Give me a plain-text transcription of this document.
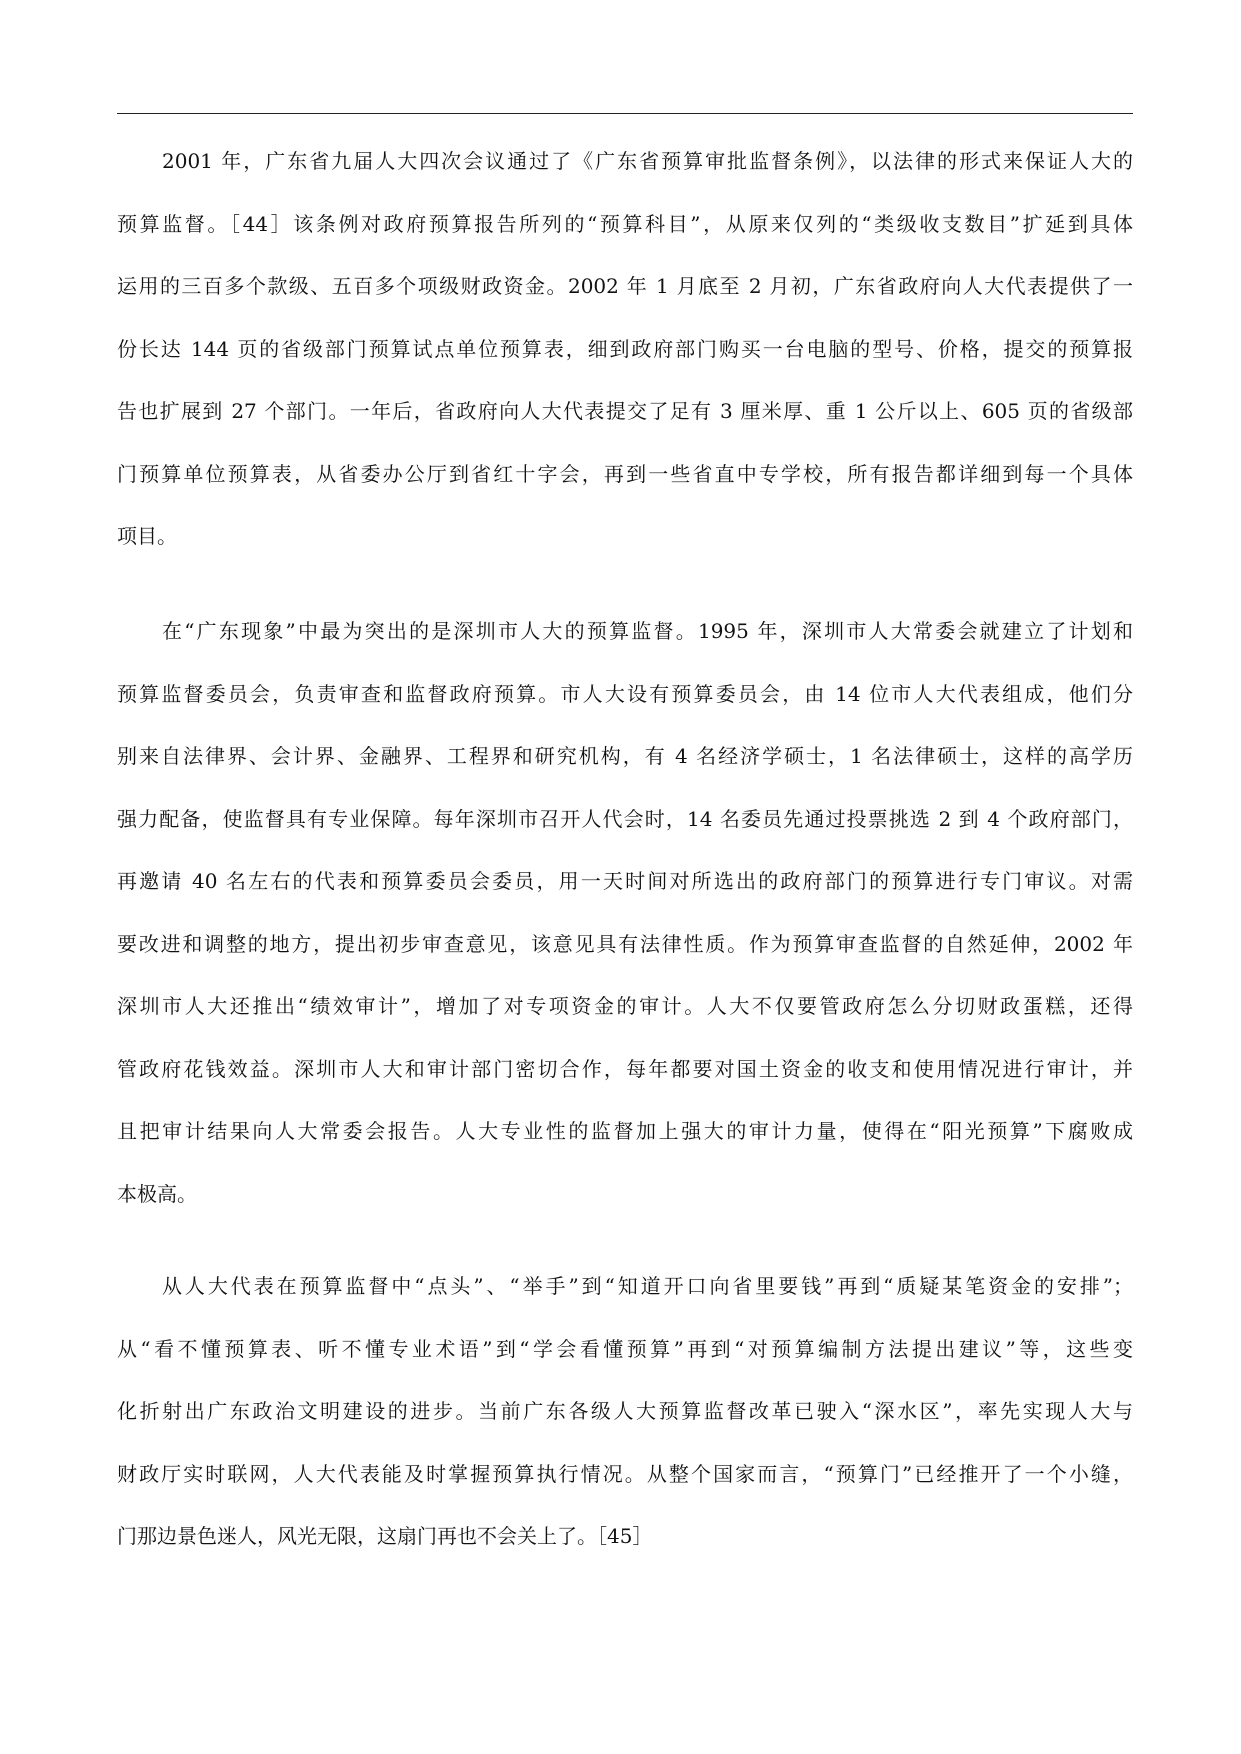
2001 年，广东省九届人大四次会议通过了《广东省预算审批监督条例》，以法律的形式来保证人大的
预算监督。［44］该条例对政府预算报告所列的“预算科目”，从原来仅列的“类级收支数目”扩延到具体
运用的三百多个款级、五百多个项级财政资金。2002 年 1 月底至 2 月初，广东省政府向人大代表提供了一
份长达 144 页的省级部门预算试点单位预算表，细到政府部门购买一台电脑的型号、价格，提交的预算报
告也扩展到 27 个部门。一年后，省政府向人大代表提交了足有 3 厘米厚、重 1 公斤以上、605 页的省级部
门预算单位预算表，从省委办公厅到省红十字会，再到一些省直中专学校，所有报告都详细到每一个具体
项目。
在“广东现象”中最为突出的是深圳市人大的预算监督。1995 年，深圳市人大常委会就建立了计划和
预算监督委员会，负责审查和监督政府预算。市人大设有预算委员会，由 14 位市人大代表组成，他们分
别来自法律界、会计界、金融界、工程界和研究机构，有 4 名经济学硕士，1 名法律硕士，这样的高学历
强力配备，使监督具有专业保障。每年深圳市召开人代会时，14 名委员先通过投票挑选 2 到 4 个政府部门，
再邀请 40 名左右的代表和预算委员会委员，用一天时间对所选出的政府部门的预算进行专门审议。对需
要改进和调整的地方，提出初步审查意见，该意见具有法律性质。作为预算审查监督的自然延伸，2002 年
深圳市人大还推出“绩效审计”，增加了对专项资金的审计。人大不仅要管政府怎么分切财政蛋糕，还得
管政府花钱效益。深圳市人大和审计部门密切合作，每年都要对国土资金的收支和使用情况进行审计，并
且把审计结果向人大常委会报告。人大专业性的监督加上强大的审计力量，使得在“阳光预算”下腐败成
本极高。
从人大代表在预算监督中“点头”、“举手”到“知道开口向省里要钱”再到“质疑某笔资金的安排”；
从“看不懂预算表、听不懂专业术语”到“学会看懂预算”再到“对预算编制方法提出建议”等，这些变
化折射出广东政治文明建设的进步。当前广东各级人大预算监督改革已驶入“深水区”，率先实现人大与
财政厅实时联网，人大代表能及时掌握预算执行情况。从整个国家而言，“预算门”已经推开了一个小缝，
门那边景色迷人，风光无限，这扇门再也不会关上了。［45］
